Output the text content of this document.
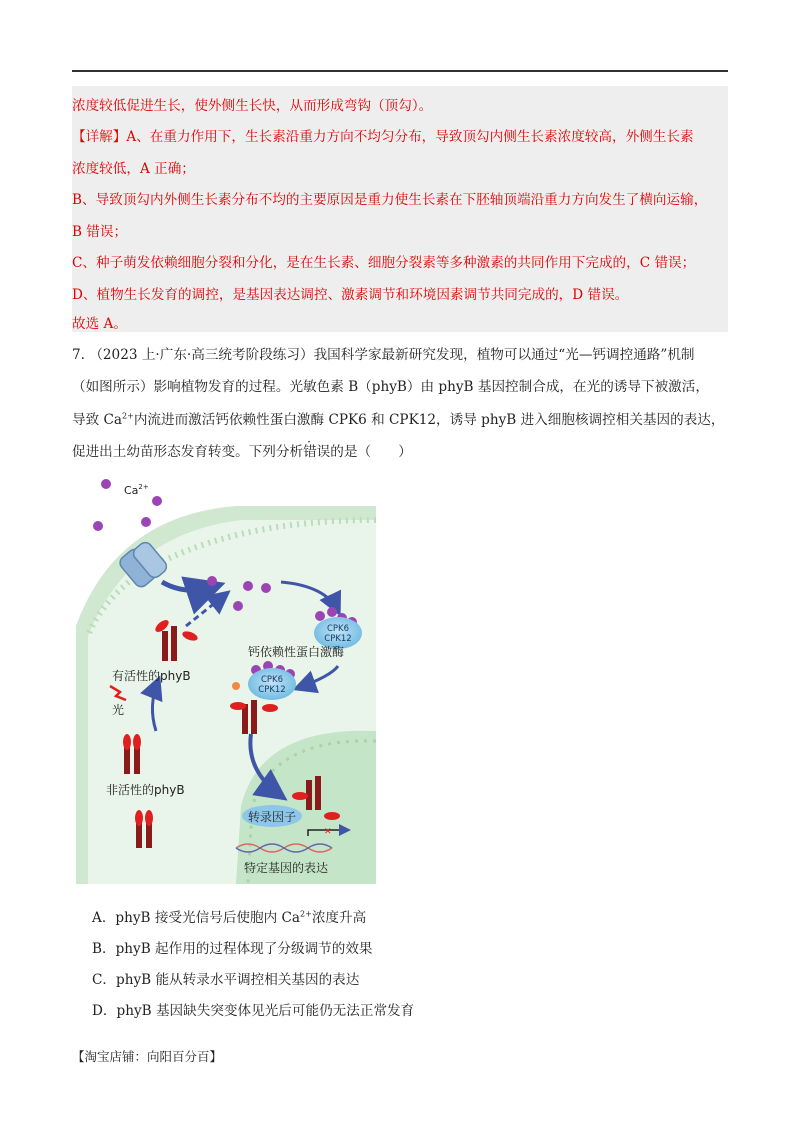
浓度较低促进生长，使外侧生长快，从而形成弯钩（顶勾）。
【详解】A、在重力作用下，生长素沿重力方向不均匀分布，导致顶勾内侧生长素浓度较高，外侧生长素
浓度较低，A 正确；
B、导致顶勾内外侧生长素分布不均的主要原因是重力使生长素在下胚轴顶端沿重力方向发生了横向运输，
B 错误；
C、种子萌发依赖细胞分裂和分化，是在生长素、细胞分裂素等多种激素的共同作用下完成的，C 错误；
D、植物生长发育的调控，是基因表达调控、激素调节和环境因素调节共同完成的，D 错误。
故选 A。
7. （2023 上·广东·高三统考阶段练习）我国科学家最新研究发现，植物可以通过“光—钙调控通路”机制
（如图所示）影响植物发育的过程。光敏色素 B（phyB）由 phyB 基因控制合成，在光的诱导下被激活，
导致 $Ca^{2+}$内流进而激活钙依赖性蛋白激酶 CPK6 和 CPK12，诱导 phyB 进入细胞核调控相关基因的表达，
促进出土幼苗形态发育转变。下列分析错误的是（　　）
$Ca^{2+}$
CPK6
CPK12
钙依赖性蛋白激酶
CPK6
CPK12
有活性的phyB
光
非活性的phyB
转录因子
✕
特定基因的表达
A．phyB 接受光信号后使胞内 $Ca^{2+}$浓度升高
B．phyB 起作用的过程体现了分级调节的效果
C．phyB 能从转录水平调控相关基因的表达
D．phyB 基因缺失突变体见光后可能仍无法正常发育
【淘宝店铺：向阳百分百】
